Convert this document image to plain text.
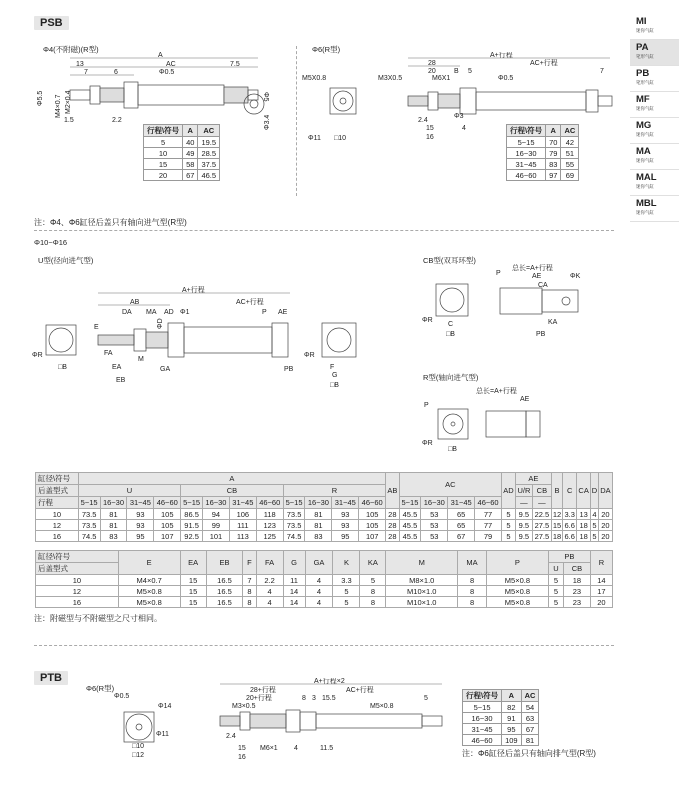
MI
迷你气缸
PA
笔形气缸
PB
笔形气缸
MF
迷你气缸
MG
迷你气缸
MA
迷你气缸
MAL
迷你气缸
MBL
迷你气缸
PSB
Φ4(不附磁)(R型)	Φ6(R型)
A
13	AC	7.5
7	6	Φ0.5
Φ5.5 M4×0.7 M2×0.4	Φ5
1.5	2.2	Φ3.4
行程\符号	A	AC
5	40	19.5
10	49	28.5
15	58	37.5
20	67	46.5
M5X0.8
Φ11 □10
A+行程
28	AC+行程
20	B 5	7
M3X0.5	M6X1	Φ0.5
2.4
Φ3
15
16
4	行程\符号	A	AC
5~15	70	42
16~30	79	51
31~45	83	55
46~60	97	69
注：Φ4、Φ6缸径后盖只有轴向进气型(R型)
Φ10~Φ16
U型(径向进气型)	CB型(双耳环型)
R型(轴向进气型)
ΦR
□B
A+行程
AB	AC+行程
DA MA AD Φ1	P AE
E	ΦD
FA
M
GA
EA
EB
PB
ΦR
F
G
□B
总长=A+行程
AE
CA
P	ΦK
ΦR
C
□B
KA
PB
总长=A+行程
AE
P
ΦR
□B
缸径\符号	A												AB	AC				AD	AE		B	C	CA	D	DA
后盖型式	U				CB				R										U/R	CB					
行程	5~15	16~30	31~45	46~60	5~15	16~30	31~45	46~60	5~15	16~30	31~45	46~60		5~15	16~30	31~45	46~60		—	—					
10	73.5	81	93	105	86.5	94	106	118	73.5	81	93	105	28	45.5	53	65	77	5	9.5	22.5	12	3.3	13	4	20
12	73.5	81	93	105	91.5	99	111	123	73.5	81	93	105	28	45.5	53	65	77	5	9.5	27.5	15	6.6	18	5	20
16	74.5	83	95	107	92.5	101	113	125	74.5	83	95	107	28	45.5	53	67	79	5	9.5	27.5	18	6.6	18	5	20
缸径\符号	E	EA	EB	F	FA	G	GA	K	KA	M	MA	P	PB		R
后盖型式													U	CB	
10	M4×0.7	15	16.5	7	2.2	11	4	3.3	5	M8×1.0	8	M5×0.8	5	18	14
12	M5×0.8	15	16.5	8	4	14	4	5	8	M10×1.0	8	M5×0.8	5	23	17
16	M5×0.8	15	16.5	8	4	14	4	5	8	M10×1.0	8	M5×0.8	5	23	20
注：附磁型与不附磁型之尺寸相同。
PTB
Φ6(R型)
Φ0.5
Φ14
Φ11
□10
□12
A+行程×2
28+行程	AC+行程
20+行程	8 3 15.5	5
M3×0.5	M5×0.8
2.4
15
16
M6×1 4	11.5
行程\符号	A	AC
5~15	82	54
16~30	91	63
31~45	95	67
46~60	109	81
注：Φ6缸径后盖只有轴向排气型(R型)
